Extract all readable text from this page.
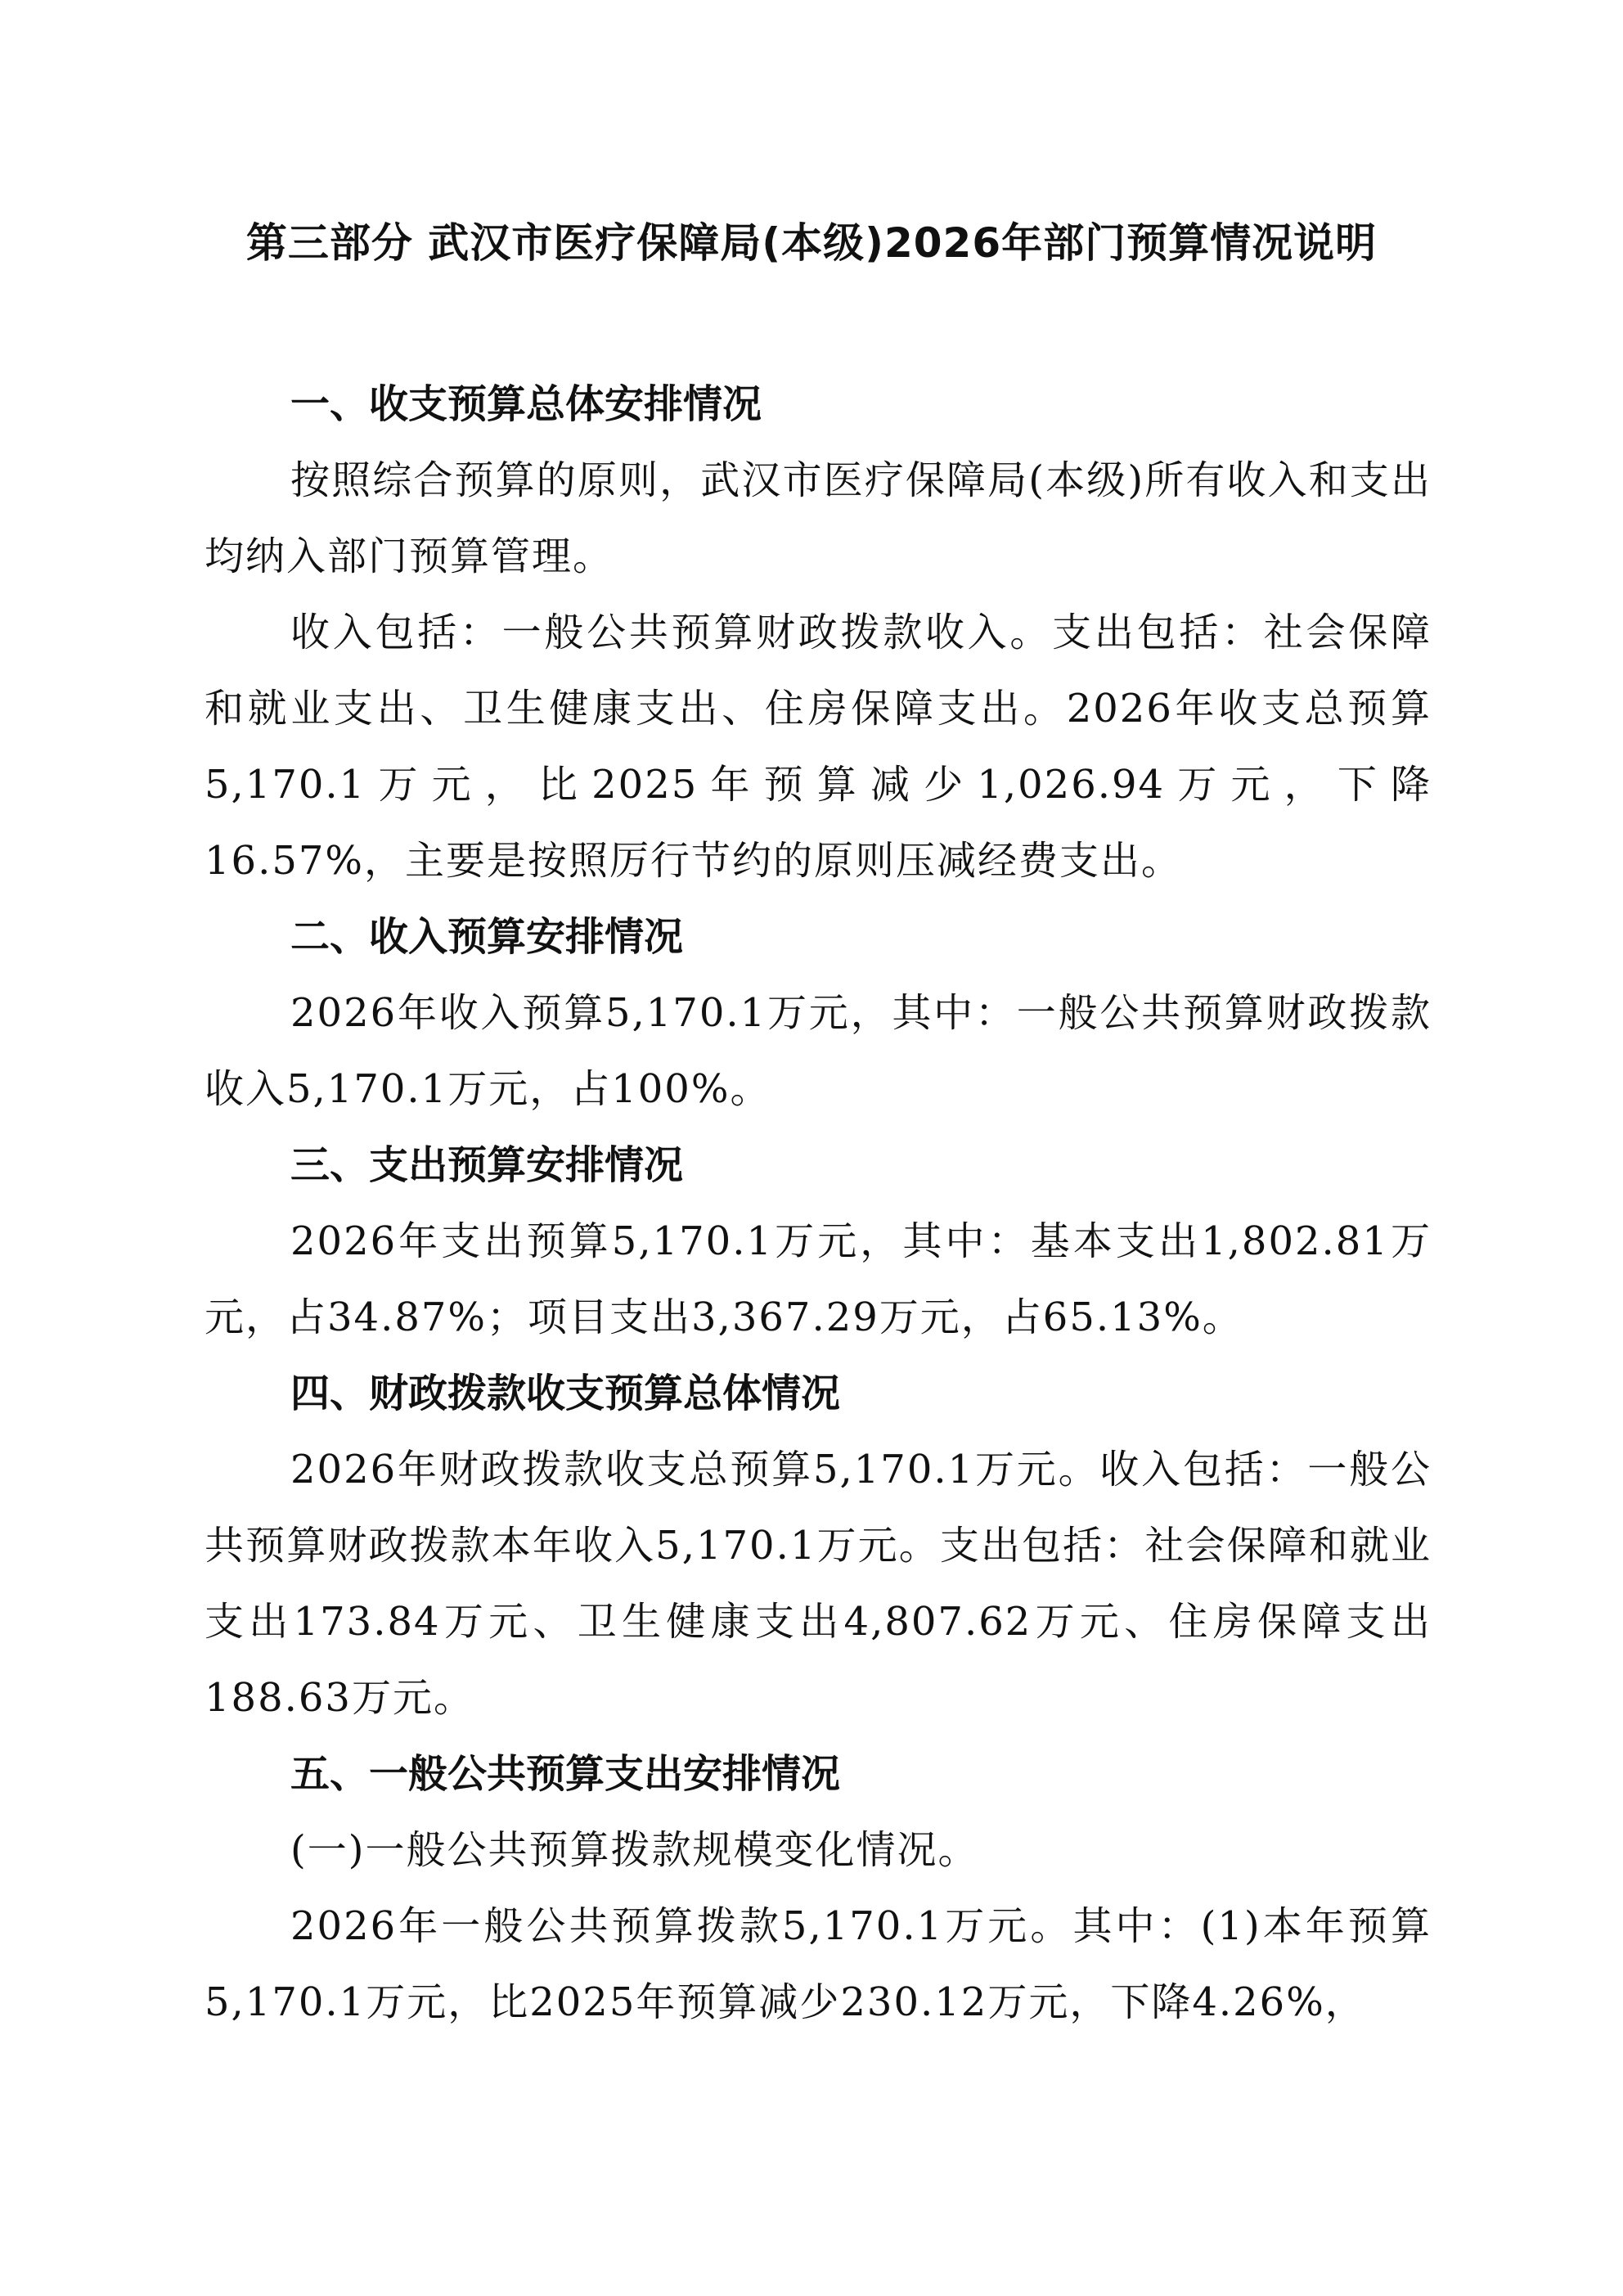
第三部分 武汉市医疗保障局(本级)2026年部门预算情况说明
一、收支预算总体安排情况

按照综合预算的原则，武汉市医疗保障局(本级)所有收入和支出均纳入部门预算管理。

收入包括：一般公共预算财政拨款收入。支出包括：社会保障和就业支出、卫生健康支出、住房保障支出。2026年收支总预算5,170.1万元，比2025年预算减少1,026.94万元，下降16.57%，主要是按照厉行节约的原则压减经费支出。

二、收入预算安排情况

2026年收入预算5,170.1万元，其中：一般公共预算财政拨款收入5,170.1万元，占100%。

三、支出预算安排情况

2026年支出预算5,170.1万元，其中：基本支出1,802.81万元，占34.87%；项目支出3,367.29万元，占65.13%。

四、财政拨款收支预算总体情况

2026年财政拨款收支总预算5,170.1万元。收入包括：一般公共预算财政拨款本年收入5,170.1万元。支出包括：社会保障和就业支出173.84万元、卫生健康支出4,807.62万元、住房保障支出188.63万元。

五、一般公共预算支出安排情况

(一)一般公共预算拨款规模变化情况。

2026年一般公共预算拨款5,170.1万元。其中：(1)本年预算5,170.1万元，比2025年预算减少230.12万元，下降4.26%，
